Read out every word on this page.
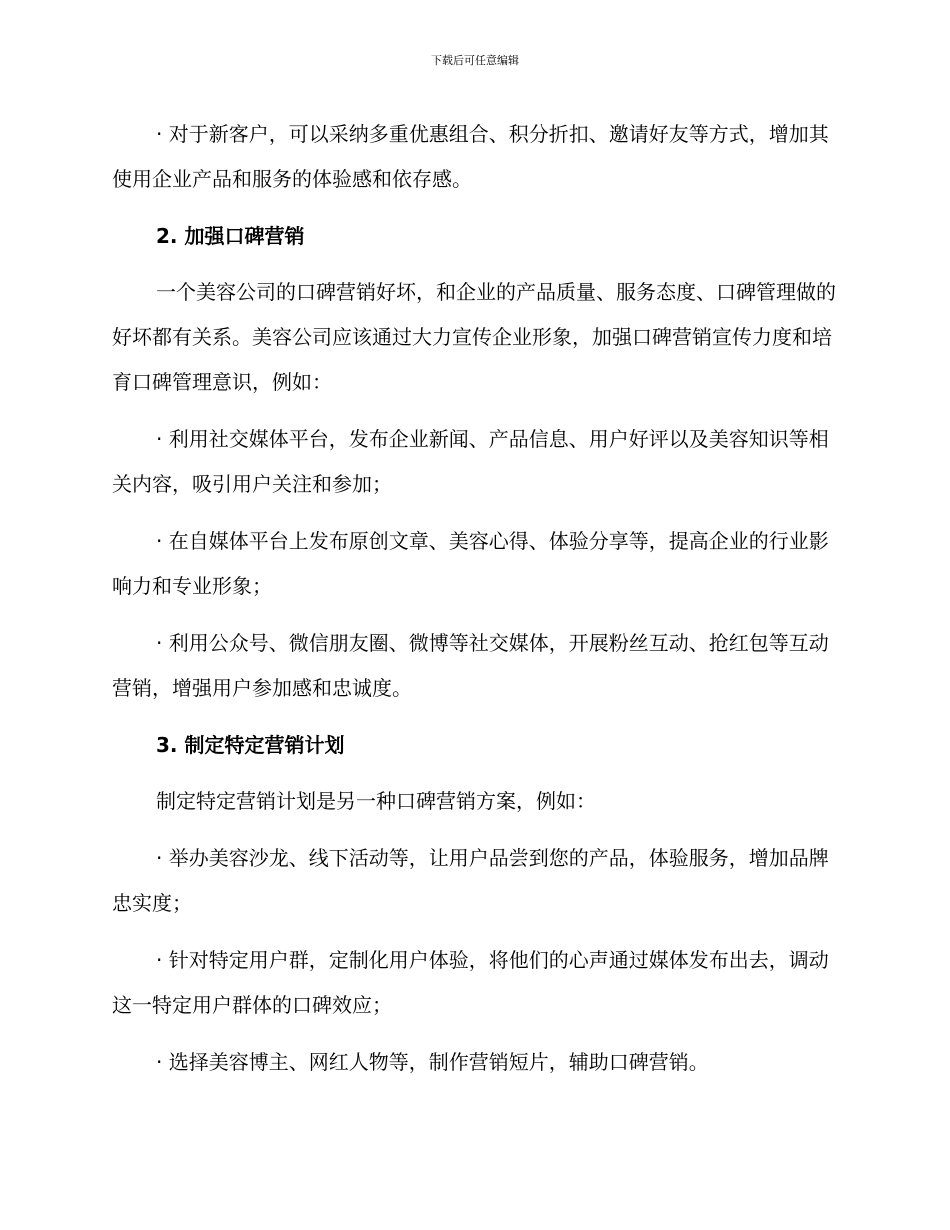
下载后可任意编辑

· 对于新客户，可以采纳多重优惠组合、积分折扣、邀请好友等方式，增加其使用企业产品和服务的体验感和依存感。

2. 加强口碑营销

一个美容公司的口碑营销好坏，和企业的产品质量、服务态度、口碑管理做的好坏都有关系。美容公司应该通过大力宣传企业形象，加强口碑营销宣传力度和培育口碑管理意识，例如：

· 利用社交媒体平台，发布企业新闻、产品信息、用户好评以及美容知识等相关内容，吸引用户关注和参加；

· 在自媒体平台上发布原创文章、美容心得、体验分享等，提高企业的行业影响力和专业形象；

· 利用公众号、微信朋友圈、微博等社交媒体，开展粉丝互动、抢红包等互动营销，增强用户参加感和忠诚度。

3. 制定特定营销计划

制定特定营销计划是另一种口碑营销方案，例如：

· 举办美容沙龙、线下活动等，让用户品尝到您的产品，体验服务，增加品牌忠实度；

· 针对特定用户群，定制化用户体验，将他们的心声通过媒体发布出去，调动这一特定用户群体的口碑效应；

· 选择美容博主、网红人物等，制作营销短片，辅助口碑营销。
